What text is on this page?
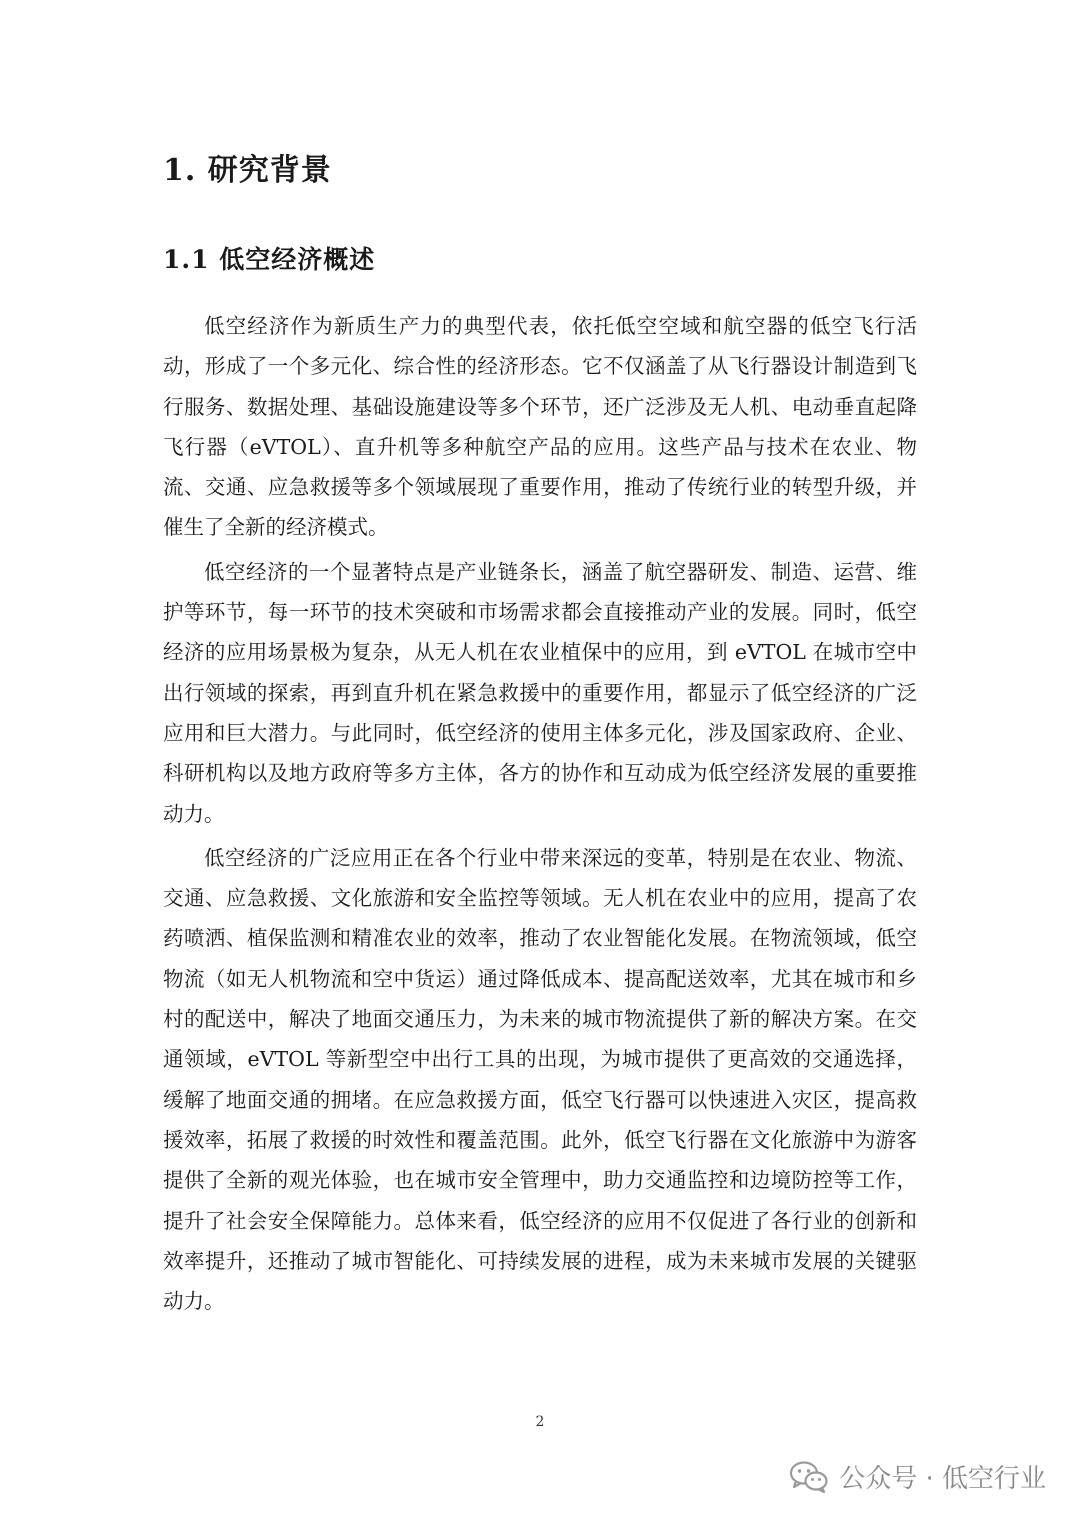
1. 研究背景
1.1 低空经济概述

低空经济作为新质生产力的典型代表，依托低空空域和航空器的低空飞行活动，形成了一个多元化、综合性的经济形态。它不仅涵盖了从飞行器设计制造到飞行服务、数据处理、基础设施建设等多个环节，还广泛涉及无人机、电动垂直起降飞行器（eVTOL）、直升机等多种航空产品的应用。这些产品与技术在农业、物流、交通、应急救援等多个领域展现了重要作用，推动了传统行业的转型升级，并催生了全新的经济模式。

低空经济的一个显著特点是产业链条长，涵盖了航空器研发、制造、运营、维护等环节，每一环节的技术突破和市场需求都会直接推动产业的发展。同时，低空经济的应用场景极为复杂，从无人机在农业植保中的应用，到 eVTOL 在城市空中出行领域的探索，再到直升机在紧急救援中的重要作用，都显示了低空经济的广泛应用和巨大潜力。与此同时，低空经济的使用主体多元化，涉及国家政府、企业、科研机构以及地方政府等多方主体，各方的协作和互动成为低空经济发展的重要推动力。

低空经济的广泛应用正在各个行业中带来深远的变革，特别是在农业、物流、交通、应急救援、文化旅游和安全监控等领域。无人机在农业中的应用，提高了农药喷洒、植保监测和精准农业的效率，推动了农业智能化发展。在物流领域，低空物流（如无人机物流和空中货运）通过降低成本、提高配送效率，尤其在城市和乡村的配送中，解决了地面交通压力，为未来的城市物流提供了新的解决方案。在交通领域，eVTOL 等新型空中出行工具的出现，为城市提供了更高效的交通选择，缓解了地面交通的拥堵。在应急救援方面，低空飞行器可以快速进入灾区，提高救援效率，拓展了救援的时效性和覆盖范围。此外，低空飞行器在文化旅游中为游客提供了全新的观光体验，也在城市安全管理中，助力交通监控和边境防控等工作，提升了社会安全保障能力。总体来看，低空经济的应用不仅促进了各行业的创新和效率提升，还推动了城市智能化、可持续发展的进程，成为未来城市发展的关键驱动力。

2
公众号 · 低空行业
